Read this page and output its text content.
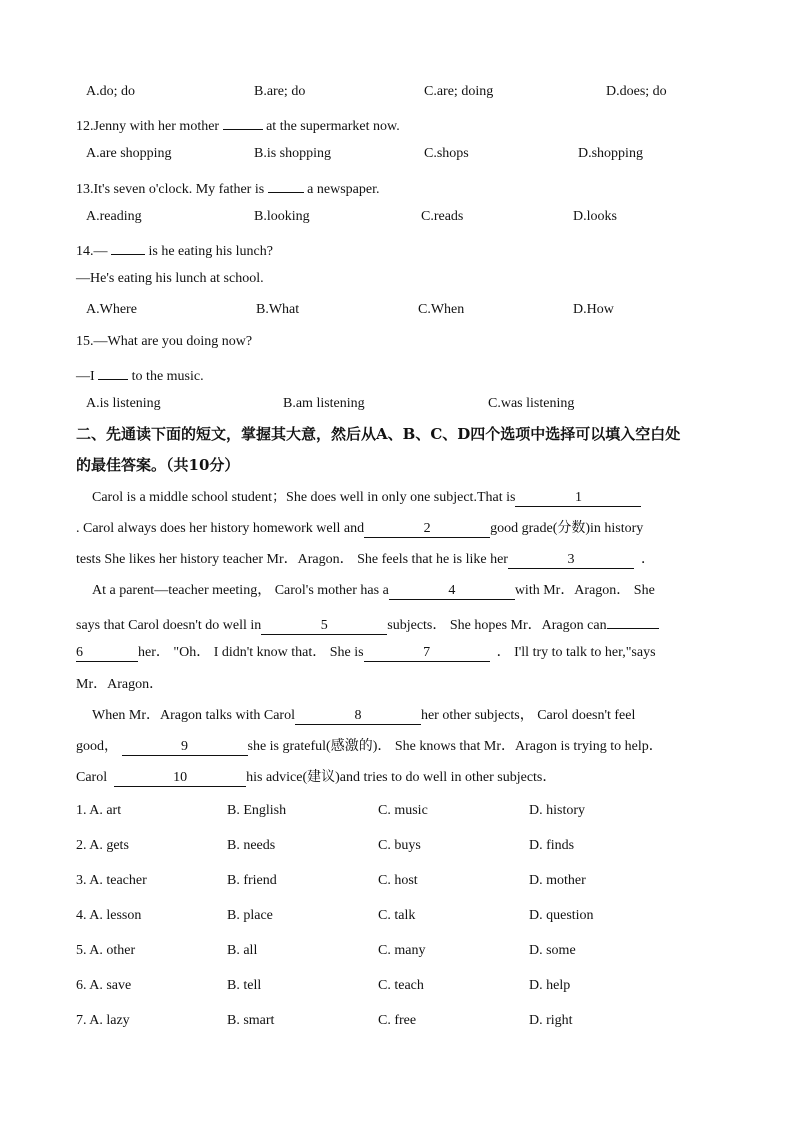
A.do; do	B.are; do	C.are; doing	D.does; do
12.Jenny with her mother	at the supermarket now.
A.are shopping	B.is shopping	C.shops	D.shopping
13.It's seven o'clock. My father is	a newspaper.
A.reading	B.looking	C.reads	D.looks
14.—	is he eating his lunch?
—He's eating his lunch at school.
A.Where	B.What	C.When	D.How
15.—What are you doing now?
—I	to the music.
A.is listening	B.am listening	C.was listening
二、先通读下面的短文，掌握其大意，然后从A、B、C、D四个选项中选择可以填入空白处
的最佳答案。（共10分）
Carol is a middle school student；She does well in only one subject.That is	1
. Carol always does her history homework well and	2	good grade(分数)in history
tests She likes her history teacher Mr．Aragon． She feels that he is like her	3	．
At a parent—teacher meeting， Carol's mother has a	4	with Mr．Aragon． She
says that Carol doesn't do well in	5	subjects． She hopes Mr．Aragon can
6	her． "Oh． I didn't know that． She is	7	． I'll try to talk to her,"says
Mr．Aragon．
When Mr．Aragon talks with Carol	8	her other subjects， Carol doesn't feel
good，	9	she is grateful(感激的)． She knows that Mr．Aragon is trying to help．
Carol	10	his advice(建议)and tries to do well in other subjects．
1. A. art	B. English	C. music	D. history
2. A. gets	B. needs	C. buys	D. finds
3. A. teacher	B. friend	C. host	D. mother
4. A. lesson	B. place	C. talk	D. question
5. A. other	B. all	C. many	D. some
6. A. save	B. tell	C. teach	D. help
7. A. lazy	B. smart	C. free	D. right
